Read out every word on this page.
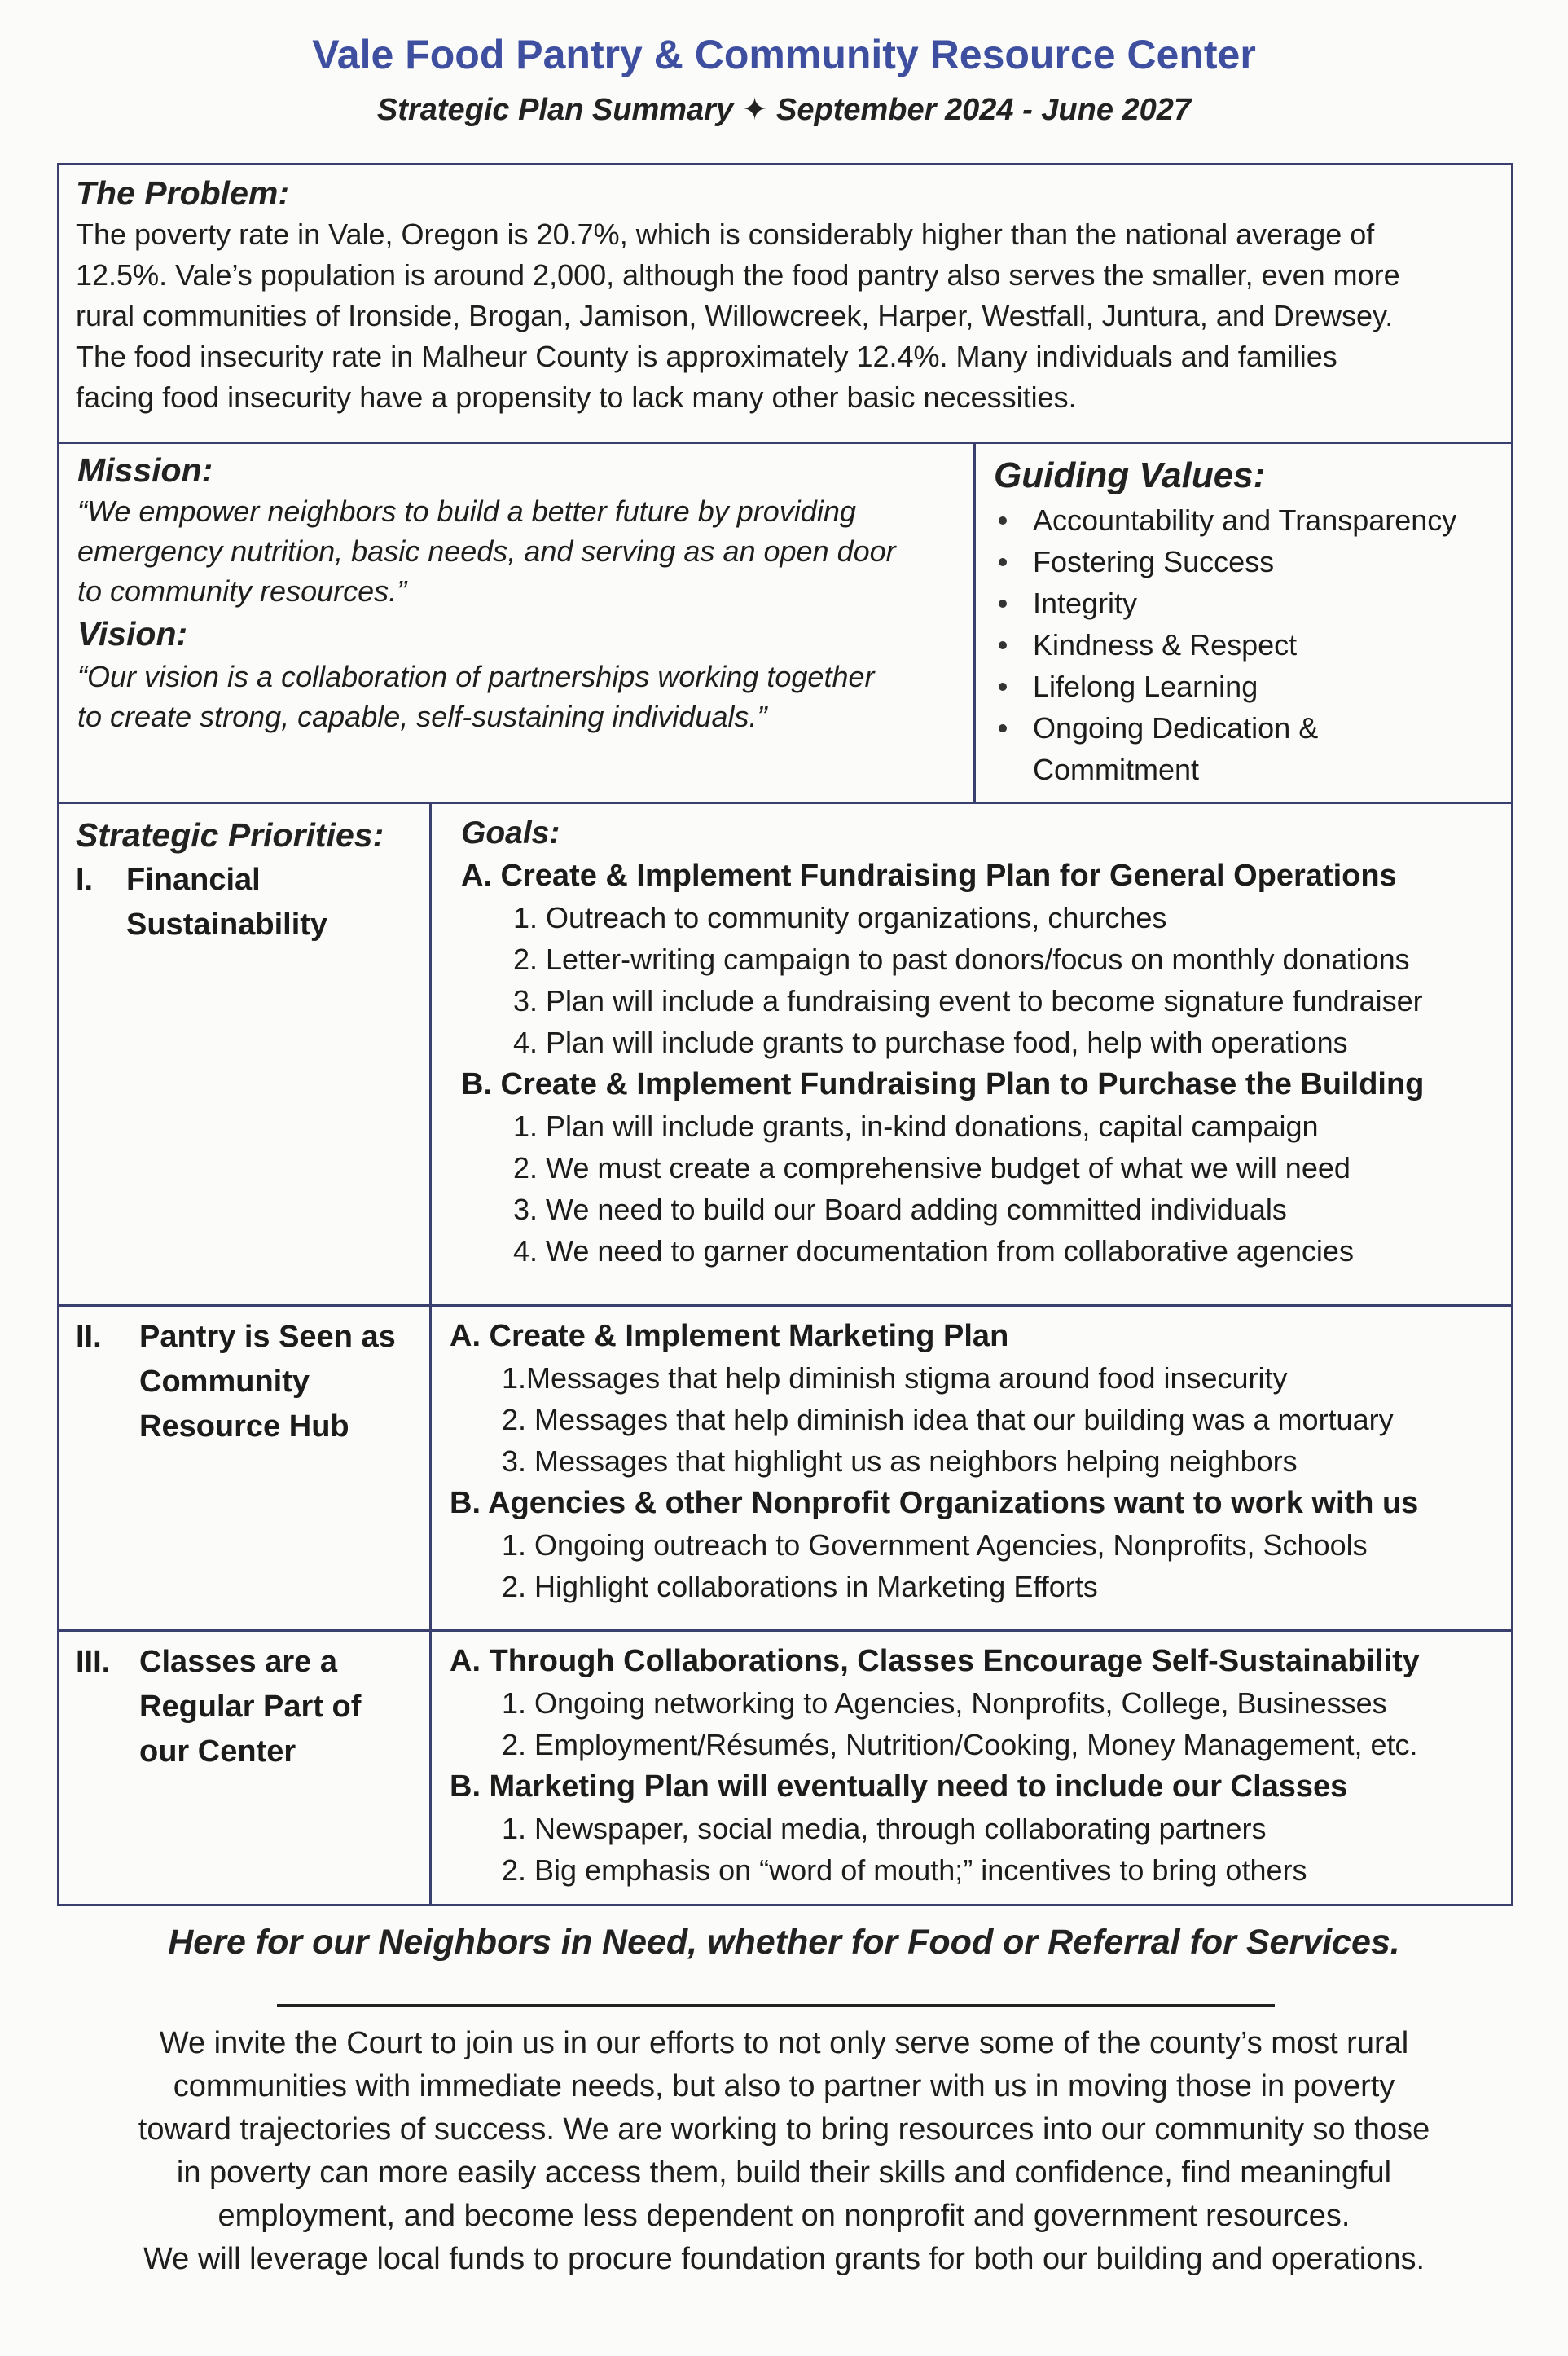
Vale Food Pantry & Community Resource Center
Strategic Plan Summary ✦ September 2024 - June 2027
The Problem:
The poverty rate in Vale, Oregon is 20.7%, which is considerably higher than the national average of
12.5%. Vale’s population is around 2,000, although the food pantry also serves the smaller, even more
rural communities of Ironside, Brogan, Jamison, Willowcreek, Harper, Westfall, Juntura, and Drewsey.
The food insecurity rate in Malheur County is approximately 12.4%. Many individuals and families
facing food insecurity have a propensity to lack many other basic necessities.
Mission:
“We empower neighbors to build a better future by providing
emergency nutrition, basic needs, and serving as an open door
to community resources.”
Vision:
“Our vision is a collaboration of partnerships working together
to create strong, capable, self-sustaining individuals.”
Guiding Values:
Accountability and Transparency
Fostering Success
Integrity
Kindness & Respect
Lifelong Learning
Ongoing Dedication &
Commitment
Strategic Priorities:
I.	Financial
Sustainability
Goals:
A. Create & Implement Fundraising Plan for General Operations
1. Outreach to community organizations, churches
2. Letter-writing campaign to past donors/focus on monthly donations
3. Plan will include a fundraising event to become signature fundraiser
4. Plan will include grants to purchase food, help with operations
B. Create & Implement Fundraising Plan to Purchase the Building
1. Plan will include grants, in-kind donations, capital campaign
2. We must create a comprehensive budget of what we will need
3. We need to build our Board adding committed individuals
4. We need to garner documentation from collaborative agencies
II.	Pantry is Seen as
Community
Resource Hub
A. Create & Implement Marketing Plan
1.Messages that help diminish stigma around food insecurity
2. Messages that help diminish idea that our building was a mortuary
3. Messages that highlight us as neighbors helping neighbors
B. Agencies & other Nonprofit Organizations want to work with us
1. Ongoing outreach to Government Agencies, Nonprofits, Schools
2. Highlight collaborations in Marketing Efforts
III. Classes are a
Regular Part of
our Center
A. Through Collaborations, Classes Encourage Self-Sustainability
1. Ongoing networking to Agencies, Nonprofits, College, Businesses
2. Employment/Résumés, Nutrition/Cooking, Money Management, etc.
B. Marketing Plan will eventually need to include our Classes
1. Newspaper, social media, through collaborating partners
2. Big emphasis on “word of mouth;” incentives to bring others
Here for our Neighbors in Need, whether for Food or Referral for Services.
We invite the Court to join us in our efforts to not only serve some of the county’s most rural
communities with immediate needs, but also to partner with us in moving those in poverty
toward trajectories of success. We are working to bring resources into our community so those
in poverty can more easily access them, build their skills and confidence, find meaningful
employment, and become less dependent on nonprofit and government resources.
We will leverage local funds to procure foundation grants for both our building and operations.
